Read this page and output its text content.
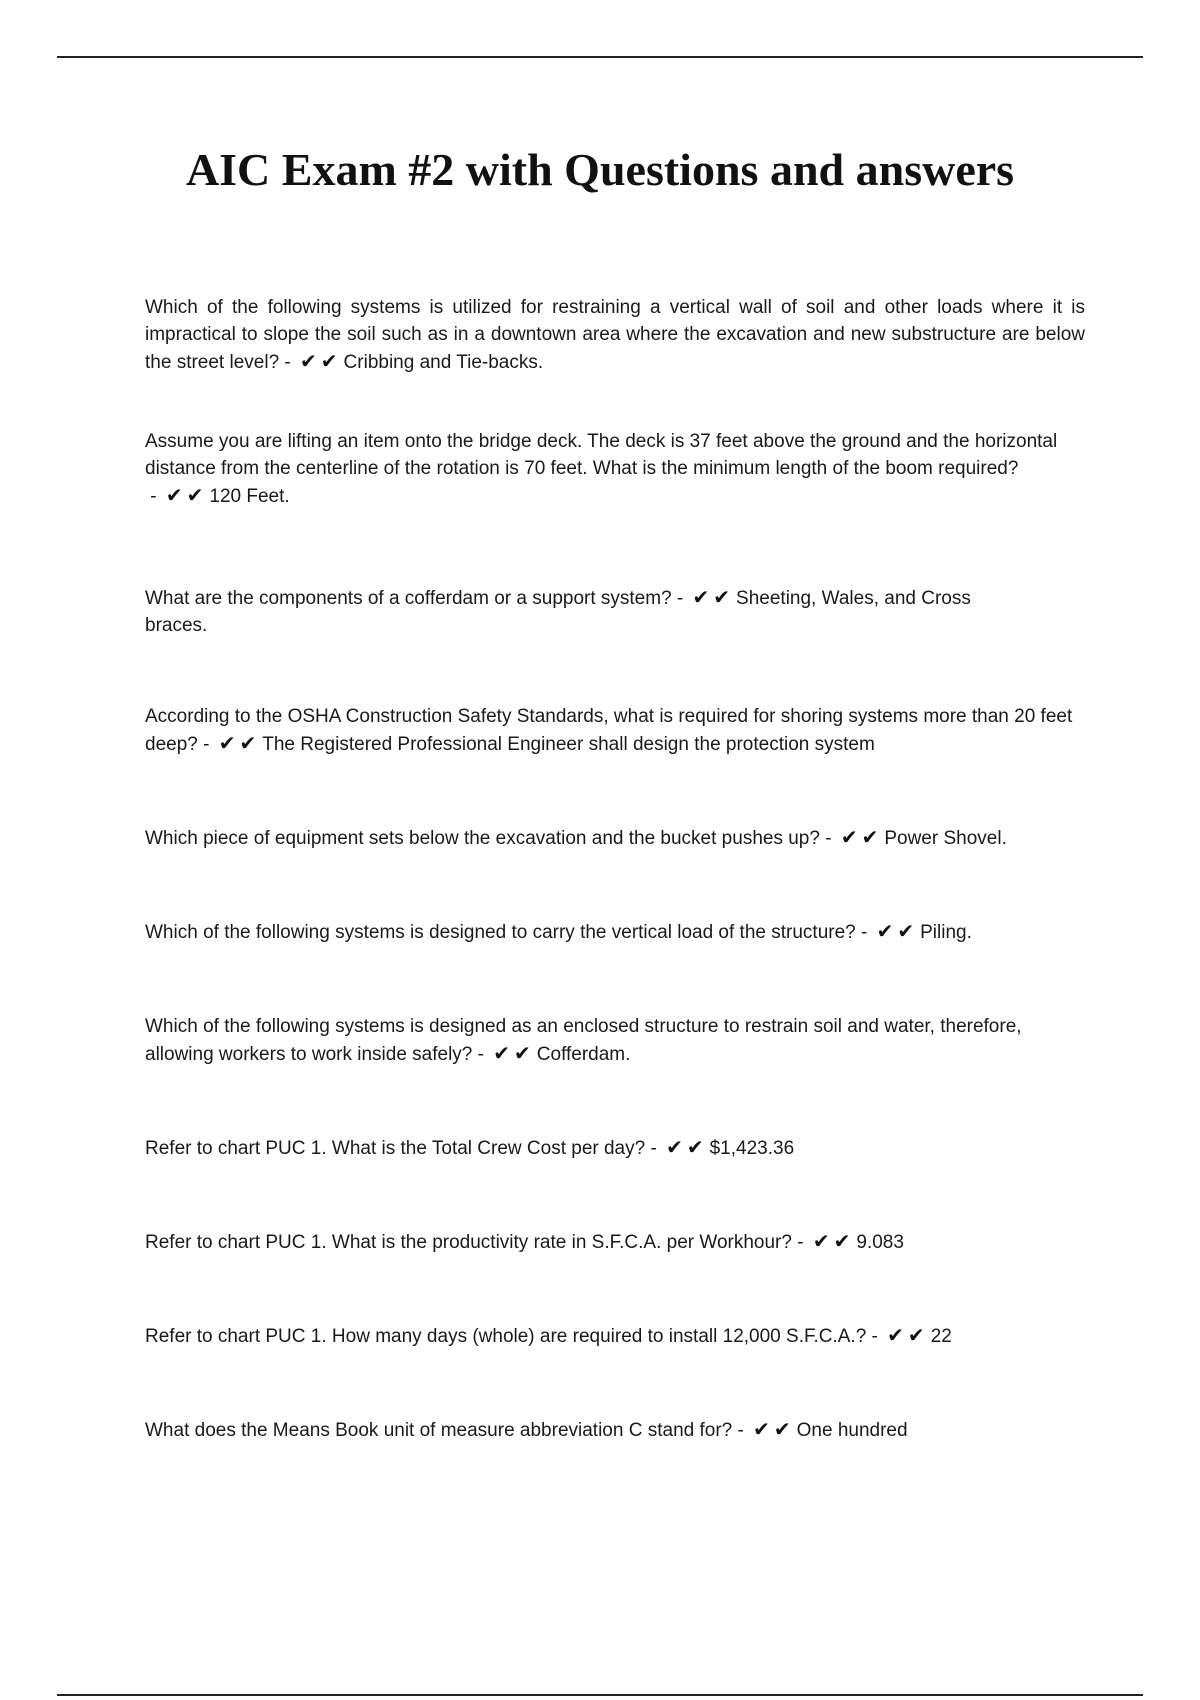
AIC Exam #2 with Questions and answers

Which of the following systems is utilized for restraining a vertical wall of soil and other loads where it is impractical to slope the soil such as in a downtown area where the excavation and new substructure are below the street level? - ✔✔ Cribbing and Tie-backs.

Assume you are lifting an item onto the bridge deck. The deck is 37 feet above the ground and the horizontal distance from the centerline of the rotation is 70 feet. What is the minimum length of the boom required? - ✔✔ 120 Feet.

What are the components of a cofferdam or a support system? - ✔✔ Sheeting, Wales, and Cross braces.

According to the OSHA Construction Safety Standards, what is required for shoring systems more than 20 feet deep? - ✔✔ The Registered Professional Engineer shall design the protection system

Which piece of equipment sets below the excavation and the bucket pushes up? - ✔✔ Power Shovel.

Which of the following systems is designed to carry the vertical load of the structure? - ✔✔ Piling.

Which of the following systems is designed as an enclosed structure to restrain soil and water, therefore, allowing workers to work inside safely? - ✔✔ Cofferdam.

Refer to chart PUC 1. What is the Total Crew Cost per day? - ✔✔ $1,423.36

Refer to chart PUC 1. What is the productivity rate in S.F.C.A. per Workhour? - ✔✔ 9.083

Refer to chart PUC 1. How many days (whole) are required to install 12,000 S.F.C.A.? - ✔✔ 22

What does the Means Book unit of measure abbreviation C stand for? - ✔✔ One hundred
